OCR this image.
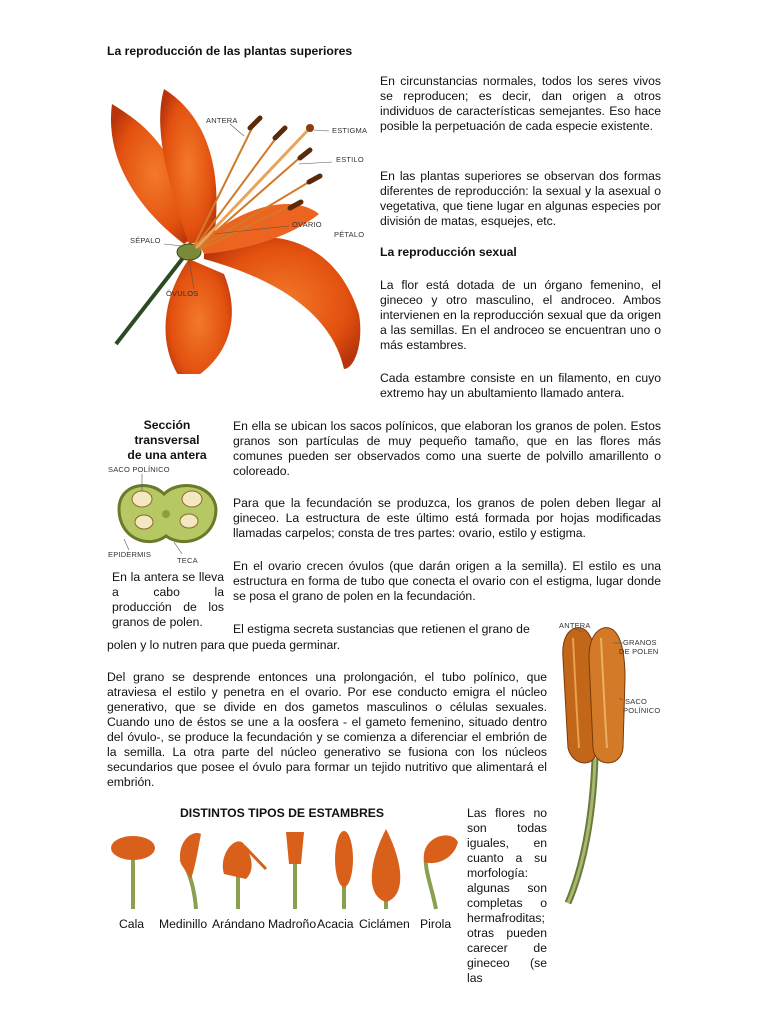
La reproducción de las plantas superiores
ANTERA
ESTIGMA
ESTILO
OVARIO
SÉPALO
PÉTALO
ÓVULOS
En circunstancias normales, todos los seres vivos se reproducen; es decir, dan origen a otros individuos de características semejantes. Eso hace posible la perpetuación de cada especie existente.
En las plantas superiores se observan dos formas diferentes de reproducción: la sexual y la asexual o vegetativa, que tiene lugar en algunas especies por división de matas, esquejes, etc.
La reproducción sexual
La flor está dotada de un órgano femenino, el gineceo y otro masculino, el androceo. Ambos intervienen en la reproducción sexual que da origen a las semillas. En el androceo se encuentran uno o más estambres.
Cada estambre consiste en un filamento, en cuyo extremo hay un abultamiento llamado antera.
Sección
transversal
de una antera
SACO POLÍNICO
EPIDERMIS
TECA
En la antera se lleva a cabo la producción de los granos de polen.
En ella se ubican los sacos polínicos, que elaboran los granos de polen. Estos granos son partículas de muy pequeño tamaño, que en las flores más comunes pueden ser observados como una suerte de polvillo amarillento o coloreado.
Para que la fecundación se produzca, los granos de polen deben llegar al gineceo. La estructura de este último está formada por hojas modificadas llamadas carpelos; consta de tres partes: ovario, estilo y estigma.
En el ovario crecen óvulos (que darán origen a la semilla). El estilo es una estructura en forma de tubo que conecta el ovario con el estigma, lugar donde se posa el grano de polen en la fecundación.
El estigma secreta sustancias que retienen el grano de
polen y lo nutren para que pueda germinar.
Del grano se desprende entonces una prolongación, el tubo polínico, que atraviesa el estilo y penetra en el ovario. Por ese conducto emigra el núcleo generativo, que se divide en dos gametos masculinos o células sexuales. Cuando uno de éstos se une a la oosfera - el gameto femenino, situado dentro del óvulo-, se produce la fecundación y se comienza a diferenciar el embrión de la semilla. La otra parte del núcleo generativo se fusiona con los núcleos secundarios que posee el óvulo para formar un tejido nutritivo que alimentará el embrión.
ANTERA
GRANOS
DE POLEN
SACO
POLÍNICO
DISTINTOS TIPOS DE ESTAMBRES
Cala Medinillo Arándano Madroño Acacia Ciclámen Pirola
Las flores no son todas iguales, en cuanto a su morfología: algunas son completas o hermafroditas; otras pueden carecer de gineceo (se las
